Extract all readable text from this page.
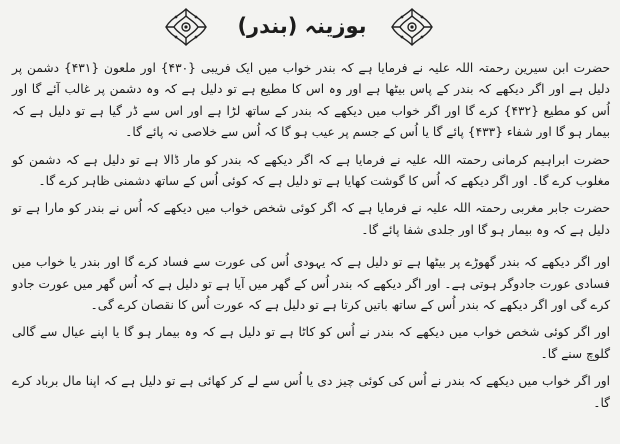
بوزینہ (بندر)

حضرت ابن سیرین رحمتہ اللہ علیہ نے فرمایا ہے کہ بندر خواب میں ایک فریبی {۴۳۰} اور ملعون {۴۳۱} دشمن پر دلیل ہے اور اگر دیکھے کہ بندر کے پاس بیٹھا ہے اور وہ اس کا مطیع ہے تو دلیل ہے کہ وہ دشمن پر غالب آئے گا اور اُس کو مطیع {۴۳۲} کرے گا اور اگر خواب میں دیکھے کہ بندر کے ساتھ لڑا ہے اور اس سے ڈر گیا ہے تو دلیل ہے کہ بیمار ہو گا اور شفاء {۴۳۳} پائے گا یا اُس کے جسم پر عیب ہو گا کہ اُس سے خلاصی نہ پائے گا۔

حضرت ابراہیم کرمانی رحمتہ اللہ علیہ نے فرمایا ہے کہ اگر دیکھے کہ بندر کو مار ڈالا ہے تو دلیل ہے کہ دشمن کو مغلوب کرے گا۔ اور اگر دیکھے کہ اُس کا گوشت کھایا ہے تو دلیل ہے کہ کوئی اُس کے ساتھ دشمنی ظاہر کرے گا۔

حضرت جابر مغربی رحمتہ اللہ علیہ نے فرمایا ہے کہ اگر کوئی شخص خواب میں دیکھے کہ اُس نے بندر کو مارا ہے تو دلیل ہے کہ وہ بیمار ہو گا اور جلدی شفا پائے گا۔

اور اگر دیکھے کہ بندر گھوڑے پر بیٹھا ہے تو دلیل ہے کہ یہودی اُس کی عورت سے فساد کرے گا اور بندر یا خواب میں فسادی عورت جادوگر ہوتی ہے۔ اور اگر دیکھے کہ بندر اُس کے گھر میں آیا ہے تو دلیل ہے کہ اُس گھر میں عورت جادو کرے گی اور اگر دیکھے کہ بندر اُس کے ساتھ باتیں کرتا ہے تو دلیل ہے کہ عورت اُس کا نقصان کرے گی۔

اور اگر کوئی شخص خواب میں دیکھے کہ بندر نے اُس کو کاٹا ہے تو دلیل ہے کہ وہ بیمار ہو گا یا اپنے عیال سے گالی گلوچ سنے گا۔

اور اگر خواب میں دیکھے کہ بندر نے اُس کی کوئی چیز دی یا اُس سے لے کر کھائی ہے تو دلیل ہے کہ اپنا مال برباد کرے گا۔
